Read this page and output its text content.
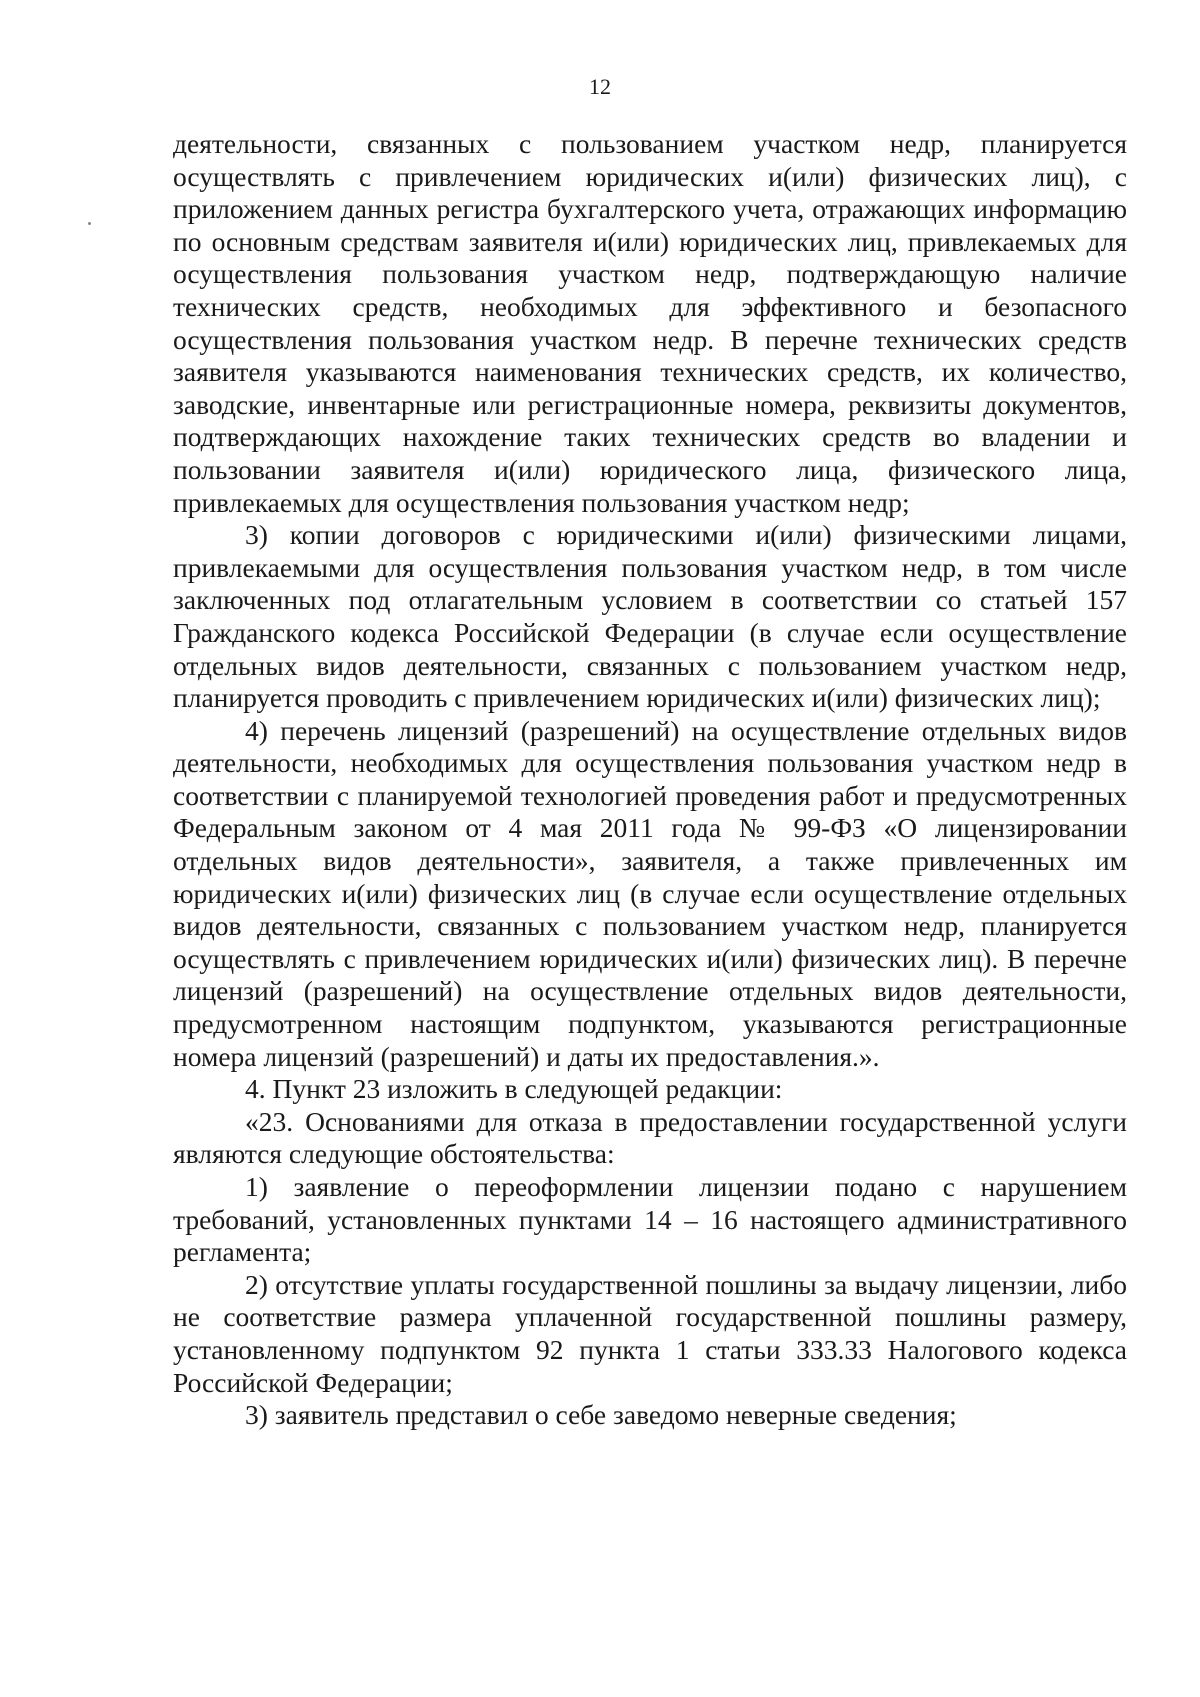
12

деятельности, связанных с пользованием участком недр, планируется осуществлять с привлечением юридических и(или) физических лиц), с приложением данных регистра бухгалтерского учета, отражающих информацию по основным средствам заявителя и(или) юридических лиц, привлекаемых для осуществления пользования участком недр, подтверждающую наличие технических средств, необходимых для эффективного и безопасного осуществления пользования участком недр. В перечне технических средств заявителя указываются наименования технических средств, их количество, заводские, инвентарные или регистрационные номера, реквизиты документов, подтверждающих нахождение таких технических средств во владении и пользовании заявителя и(или) юридического лица, физического лица, привлекаемых для осуществления пользования участком недр;

3) копии договоров с юридическими и(или) физическими лицами, привлекаемыми для осуществления пользования участком недр, в том числе заключенных под отлагательным условием в соответствии со статьей 157 Гражданского кодекса Российской Федерации (в случае если осуществление отдельных видов деятельности, связанных с пользованием участком недр, планируется проводить с привлечением юридических и(или) физических лиц);

4) перечень лицензий (разрешений) на осуществление отдельных видов деятельности, необходимых для осуществления пользования участком недр в соответствии с планируемой технологией проведения работ и предусмотренных Федеральным законом от 4 мая 2011 года № 99-ФЗ «О лицензировании отдельных видов деятельности», заявителя, а также привлеченных им юридических и(или) физических лиц (в случае если осуществление отдельных видов деятельности, связанных с пользованием участком недр, планируется осуществлять с привлечением юридических и(или) физических лиц). В перечне лицензий (разрешений) на осуществление отдельных видов деятельности, предусмотренном настоящим подпунктом, указываются регистрационные номера лицензий (разрешений) и даты их предоставления.».

4. Пункт 23 изложить в следующей редакции:

«23. Основаниями для отказа в предоставлении государственной услуги являются следующие обстоятельства:

1) заявление о переоформлении лицензии подано с нарушением требований, установленных пунктами 14 – 16 настоящего административного регламента;

2) отсутствие уплаты государственной пошлины за выдачу лицензии, либо не соответствие размера уплаченной государственной пошлины размеру, установленному подпунктом 92 пункта 1 статьи 333.33 Налогового кодекса Российской Федерации;

3) заявитель представил о себе заведомо неверные сведения;
